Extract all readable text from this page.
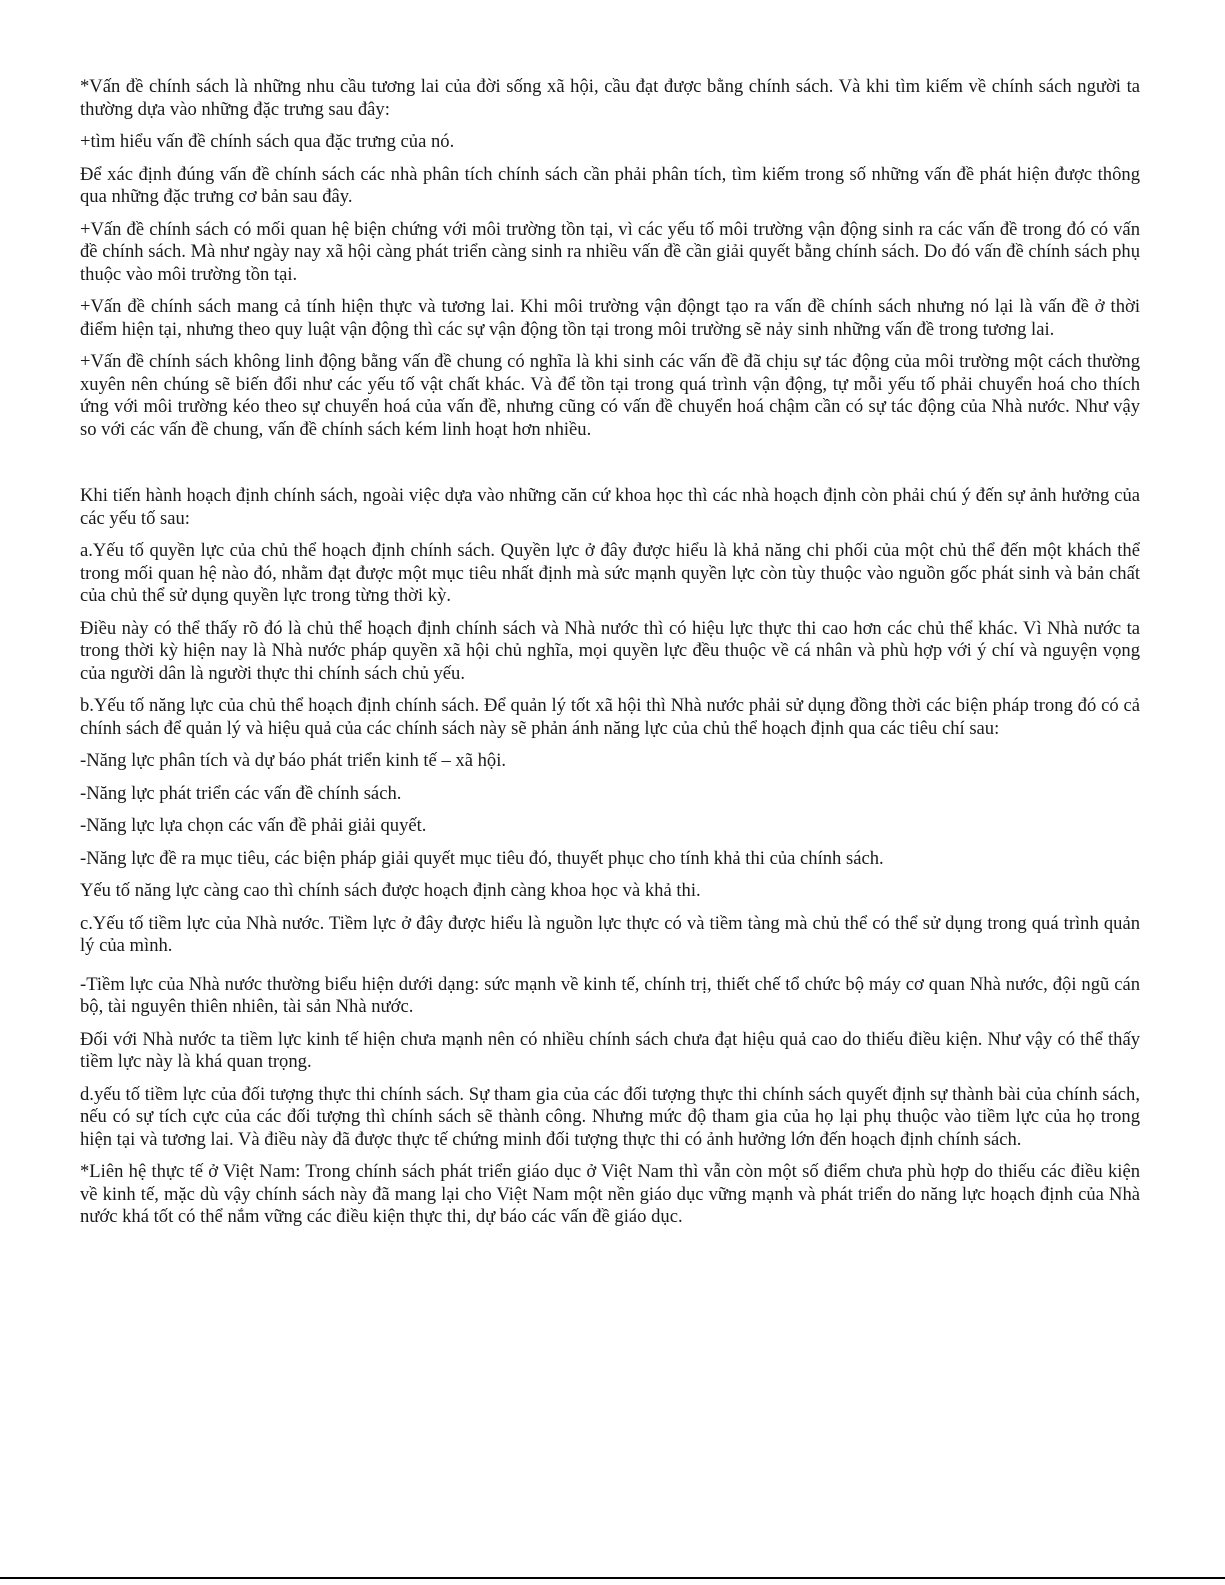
*Vấn đề chính sách là những nhu cầu tương lai của đời sống xã hội, cầu đạt được bằng chính sách. Và khi tìm kiếm về chính sách người ta thường dựa vào những đặc trưng sau đây:

+tìm hiểu vấn đề chính sách qua đặc trưng của nó.

Để xác định đúng vấn đề chính sách các nhà phân tích chính sách cần phải phân tích, tìm kiếm trong số những vấn đề phát hiện được thông qua những đặc trưng cơ bản sau đây.

+Vấn đề chính sách có mối quan hệ biện chứng với môi trường tồn tại, vì các yếu tố môi trường vận động sinh ra các vấn đề trong đó có vấn đề chính sách. Mà như ngày nay xã hội càng phát triển càng sinh ra nhiều vấn đề cần giải quyết bằng chính sách. Do đó vấn đề chính sách phụ thuộc vào môi trường tồn tại.

+Vấn đề chính sách mang cả tính hiện thực và tương lai. Khi môi trường vận độngt tạo ra vấn đề chính sách nhưng nó lại là vấn đề ở thời điểm hiện tại, nhưng theo quy luật vận động thì các sự vận động tồn tại trong môi trường sẽ nảy sinh những vấn đề trong tương lai.

+Vấn đề chính sách không linh động bằng vấn đề chung có nghĩa là khi sinh các vấn đề đã chịu sự tác động của môi trường một cách thường xuyên nên chúng sẽ biến đổi như các yếu tố vật chất khác. Và để tồn tại trong quá trình vận động, tự mỗi yếu tố phải chuyển hoá cho thích ứng với môi trường kéo theo sự chuyển hoá của vấn đề, nhưng cũng có vấn đề chuyển hoá chậm cần có sự tác động của Nhà nước. Như vậy so với các vấn đề chung, vấn đề chính sách kém linh hoạt hơn nhiều.

Khi tiến hành hoạch định chính sách, ngoài việc dựa vào những căn cứ khoa học thì các nhà hoạch định còn phải chú ý đến sự ảnh hưởng của các yếu tố sau:

a.Yếu tố quyền lực của chủ thể hoạch định chính sách. Quyền lực ở đây được hiểu là khả năng chi phối của một chủ thể đến một khách thể trong mối quan hệ nào đó, nhằm đạt được một mục tiêu nhất định mà sức mạnh quyền lực còn tùy thuộc vào nguồn gốc phát sinh và bản chất của chủ thể sử dụng quyền lực trong từng thời kỳ.

Điều này có thể thấy rõ đó là chủ thể hoạch định chính sách và Nhà nước thì có hiệu lực thực thi cao hơn các chủ thể khác. Vì Nhà nước ta trong thời kỳ hiện nay là Nhà nước pháp quyền xã hội chủ nghĩa, mọi quyền lực đều thuộc về cá nhân và phù hợp với ý chí và nguyện vọng của người dân là người thực thi chính sách chủ yếu.

b.Yếu tố năng lực của chủ thể hoạch định chính sách. Để quản lý tốt xã hội thì Nhà nước phải sử dụng đồng thời các biện pháp trong đó có cả chính sách để quản lý và hiệu quả của các chính sách này sẽ phản ánh năng lực của chủ thể hoạch định qua các tiêu chí sau:

-Năng lực phân tích và dự báo phát triển kinh tế – xã hội.

-Năng lực phát triển các vấn đề chính sách.

-Năng lực lựa chọn các vấn đề phải giải quyết.

-Năng lực đề ra mục tiêu, các biện pháp giải quyết mục tiêu đó, thuyết phục cho tính khả thi của chính sách.

Yếu tố năng lực càng cao thì chính sách được hoạch định càng khoa học và khả thi.

c.Yếu tố tiềm lực của Nhà nước. Tiềm lực ở đây được hiểu là nguồn lực thực có và tiềm tàng mà chủ thể có thể sử dụng trong quá trình quản lý của mình.

-Tiềm lực của Nhà nước thường biểu hiện dưới dạng: sức mạnh về kinh tế, chính trị, thiết chế tổ chức bộ máy cơ quan Nhà nước, đội ngũ cán bộ, tài nguyên thiên nhiên, tài sản Nhà nước.

Đối với Nhà nước ta tiềm lực kinh tế hiện chưa mạnh nên có nhiều chính sách chưa đạt hiệu quả cao do thiếu điều kiện. Như vậy có thể thấy tiềm lực này là khá quan trọng.

d.yếu tố tiềm lực của đối tượng thực thi chính sách. Sự tham gia của các đối tượng thực thi chính sách quyết định sự thành bài của chính sách, nếu có sự tích cực của các đối tượng thì chính sách sẽ thành công. Nhưng mức độ tham gia của họ lại phụ thuộc vào tiềm lực của họ trong hiện tại và tương lai. Và điều này đã được thực tế chứng minh đối tượng thực thi có ảnh hưởng lớn đến hoạch định chính sách.

*Liên hệ thực tế ở Việt Nam: Trong chính sách phát triển giáo dục ở Việt Nam thì vẫn còn một số điểm chưa phù hợp do thiếu các điều kiện về kinh tế, mặc dù vậy chính sách này đã mang lại cho Việt Nam một nền giáo dục vững mạnh và phát triển do năng lực hoạch định của Nhà nước khá tốt có thể nắm vững các điều kiện thực thi, dự báo các vấn đề giáo dục.
